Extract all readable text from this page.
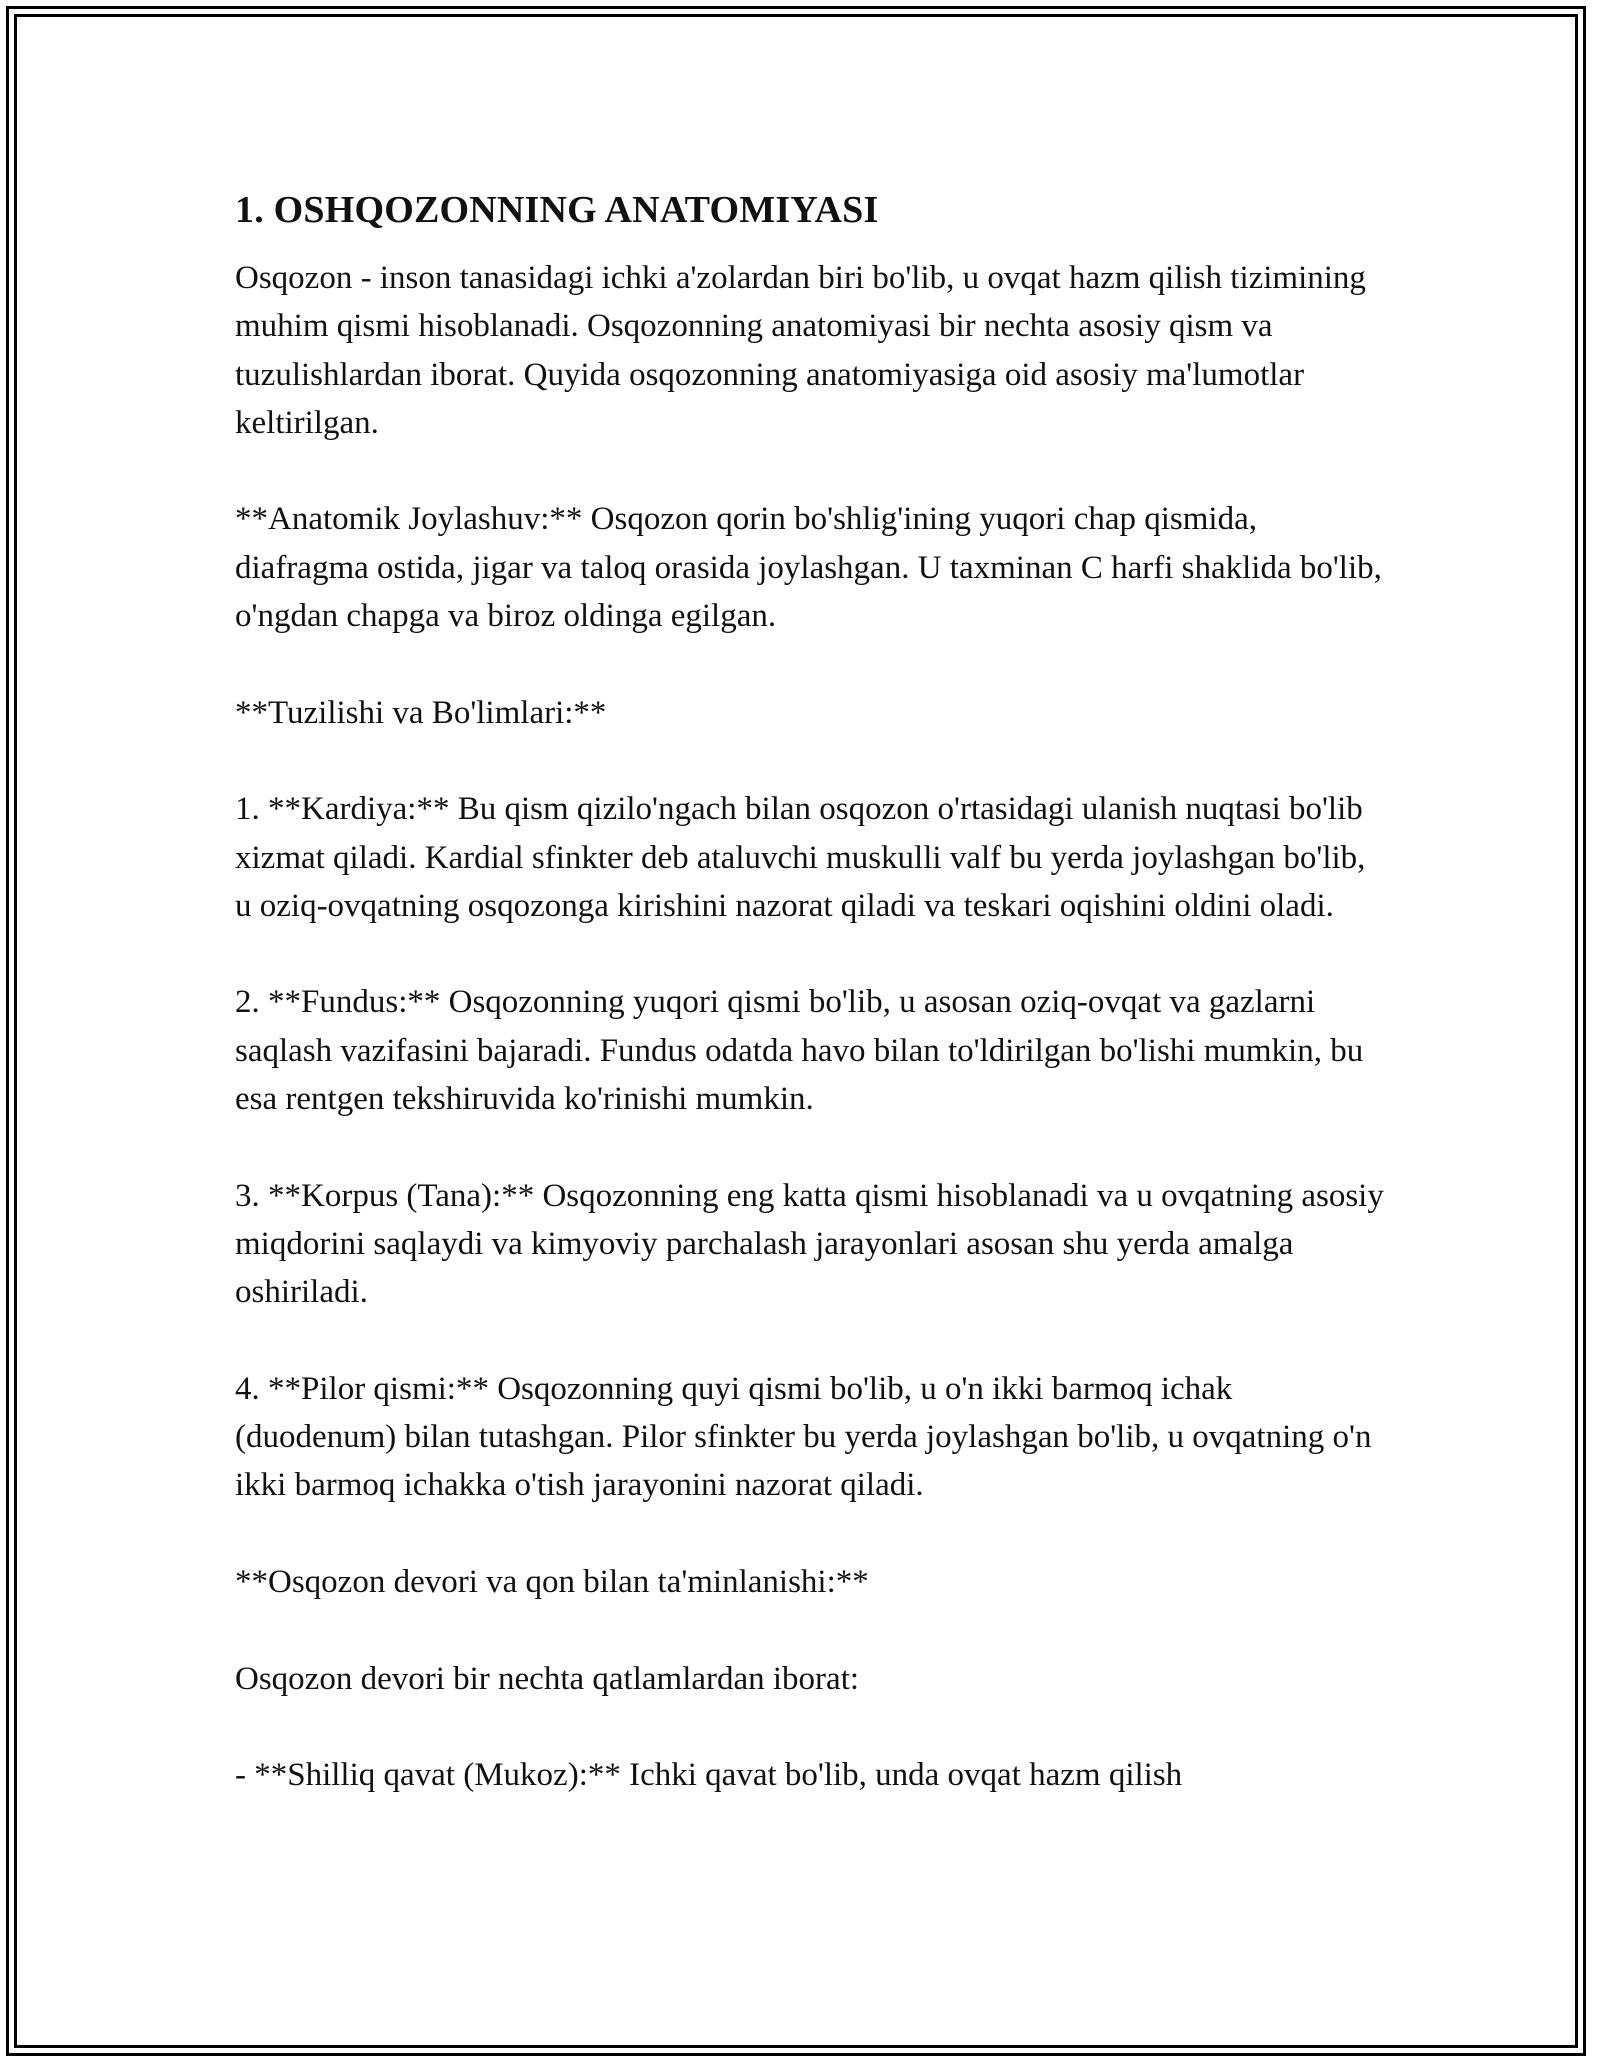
1. OSHQOZONNING ANATOMIYASI

Osqozon - inson tanasidagi ichki a'zolardan biri bo'lib, u ovqat hazm qilish tizimining muhim qismi hisoblanadi. Osqozonning anatomiyasi bir nechta asosiy qism va tuzulishlardan iborat. Quyida osqozonning anatomiyasiga oid asosiy ma'lumotlar keltirilgan.

**Anatomik Joylashuv:** Osqozon qorin bo'shlig'ining yuqori chap qismida, diafragma ostida, jigar va taloq orasida joylashgan. U taxminan C harfi shaklida bo'lib, o'ngdan chapga va biroz oldinga egilgan.

**Tuzilishi va Bo'limlari:**

1. **Kardiya:** Bu qism qizilo'ngach bilan osqozon o'rtasidagi ulanish nuqtasi bo'lib xizmat qiladi. Kardial sfinkter deb ataluvchi muskulli valf bu yerda joylashgan bo'lib, u oziq-ovqatning osqozonga kirishini nazorat qiladi va teskari oqishini oldini oladi.

2. **Fundus:** Osqozonning yuqori qismi bo'lib, u asosan oziq-ovqat va gazlarni saqlash vazifasini bajaradi. Fundus odatda havo bilan to'ldirilgan bo'lishi mumkin, bu esa rentgen tekshiruvida ko'rinishi mumkin.

3. **Korpus (Tana):** Osqozonning eng katta qismi hisoblanadi va u ovqatning asosiy miqdorini saqlaydi va kimyoviy parchalash jarayonlari asosan shu yerda amalga oshiriladi.

4. **Pilor qismi:** Osqozonning quyi qismi bo'lib, u o'n ikki barmoq ichak (duodenum) bilan tutashgan. Pilor sfinkter bu yerda joylashgan bo'lib, u ovqatning o'n ikki barmoq ichakka o'tish jarayonini nazorat qiladi.

**Osqozon devori va qon bilan ta'minlanishi:**

Osqozon devori bir nechta qatlamlardan iborat:

- **Shilliq qavat (Mukoz):** Ichki qavat bo'lib, unda ovqat hazm qilish
